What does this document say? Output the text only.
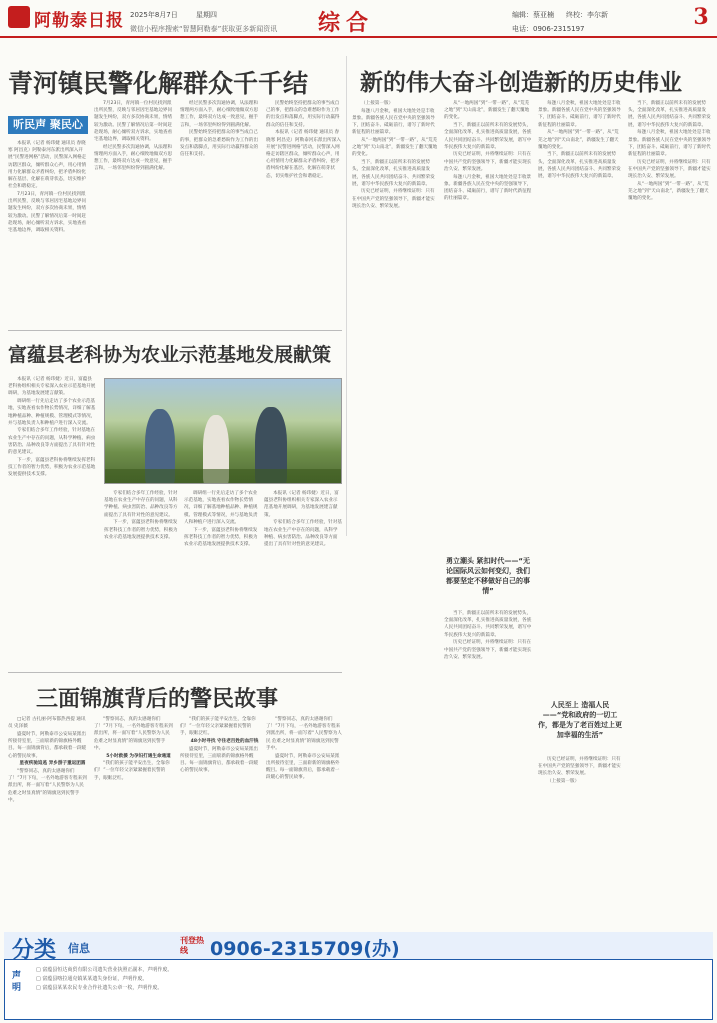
阿勒泰日报 2025年8月7日	星期四
微信小程序搜索“智慧阿勒泰”获取更多新闻资讯 综合	编辑：蔡亚楠 终校：李尔新
电话：0906-2315197	3
青河镇民警化解群众千千结
听民声 聚民心

本报讯（记者 杨玮婕 通讯员 春晓寒 阿昌克）阿勒泰河东派出所深入开展“民警进网格”活动，民警深入网格走访辖区群众，倾听群众心声，用心用情用力化解群众矛盾纠纷，把矛盾纠纷化解在基层、化解在萌芽状态，切实维护社会和谐稳定。

7月23日，青河镇一位村民找到派出所民警，反映与邻居因宅基地边界问题发生纠纷，双方多次协商未果，情绪较为激动。民警了解情况后第一时间赶赴现场，耐心倾听双方诉求，实地查看宅基地边界，调取相关资料。

7月23日，青河镇一位村民找到派出所民警，反映与邻居因宅基地边界问题发生纠纷，双方多次协商未果，情绪较为激动。民警了解情况后第一时间赶赴现场，耐心倾听双方诉求，实地查看宅基地边界，调取相关资料。

经过民警多次沟通协调，从法理和情理两方面入手，耐心细致地做双方思想工作，最终双方达成一致意见，握手言和，一场邻里纠纷得到圆满化解。

经过民警多次沟通协调，从法理和情理两方面入手，耐心细致地做双方思想工作，最终双方达成一致意见，握手言和，一场邻里纠纷得到圆满化解。

民警始终坚持把群众的事当成自己的事，把群众的急难愁盼作为工作的出发点和落脚点，用实际行动赢得群众的信任和支持。

民警始终坚持把群众的事当成自己的事，把群众的急难愁盼作为工作的出发点和落脚点，用实际行动赢得群众的信任和支持。

本报讯（记者 杨玮婕 通讯员 春晓寒 阿昌克）阿勒泰河东派出所深入开展“民警进网格”活动，民警深入网格走访辖区群众，倾听群众心声，用心用情用力化解群众矛盾纠纷，把矛盾纠纷化解在基层、化解在萌芽状态，切实维护社会和谐稳定。

富蕴县老科协为农业示范基地发展献策

本报讯（记者 杨玮婕）近日，富蕴县老科协组织相关专家深入农业示范基地开展调研，为基地发展建言献策。

调研组一行先后走访了多个农业示范基地，实地查看农作物长势情况，详细了解基地种植品种、种植规模、管理模式等情况，并与基地负责人和种植户进行深入交流。

专家们结合多年工作经验，针对基地在农业生产中存在的问题，从科学种植、病虫害防治、品种改良等方面提出了具有针对性的意见建议。

下一步，富蕴县老科协将继续发挥老科技工作者的智力优势，积极为农业示范基地发展提供技术支撑。

专家们结合多年工作经验，针对基地在农业生产中存在的问题，从科学种植、病虫害防治、品种改良等方面提出了具有针对性的意见建议。

下一步，富蕴县老科协将继续发挥老科技工作者的智力优势，积极为农业示范基地发展提供技术支撑。

调研组一行先后走访了多个农业示范基地，实地查看农作物长势情况，详细了解基地种植品种、种植规模、管理模式等情况，并与基地负责人和种植户进行深入交流。

下一步，富蕴县老科协将继续发挥老科技工作者的智力优势，积极为农业示范基地发展提供技术支撑。

本报讯（记者 杨玮婕）近日，富蕴县老科协组织相关专家深入农业示范基地开展调研，为基地发展建言献策。

专家们结合多年工作经验，针对基地在农业生产中存在的问题，从科学种植、病虫害防治、品种改良等方面提出了具有针对性的意见建议。

三面锦旗背后的警民故事

□记者 古扎丽·阿布都热西提 通讯员 史泽薇

盛夏时节，阿勒泰市公安局某派出所接待室里，三面崭新的锦旗格外醒目。每一面锦旗背后，都承载着一段暖心的警民故事。

星夜疾驰追逃 异乡游子重返团圆

“警察同志，真的太感谢你们了！”7月下旬，一名外地游客专程来到派出所，将一面写着“人民警察为人民 危难之时显真情”的锦旗送到民警手中。

“警察同志，真的太感谢你们了！”7月下旬，一名外地游客专程来到派出所，将一面写着“人民警察为人民 危难之时显真情”的锦旗送到民警手中。

5小时救援 为孕妇打通生命通道

“我们的孩子能平安出生，全靠你们！”一位年轻父亲紧紧握着民警的手，眼眶泛红。

“我们的孩子能平安出生，全靠你们！”一位年轻父亲紧紧握着民警的手，眼眶泛红。

48小时寻找 守住老百姓的血汗钱

盛夏时节，阿勒泰市公安局某派出所接待室里，三面崭新的锦旗格外醒目。每一面锦旗背后，都承载着一段暖心的警民故事。

“警察同志，真的太感谢你们了！”7月下旬，一名外地游客专程来到派出所，将一面写着“人民警察为人民 危难之时显真情”的锦旗送到民警手中。

盛夏时节，阿勒泰市公安局某派出所接待室里，三面崭新的锦旗格外醒目。每一面锦旗背后，都承载着一段暖心的警民故事。

新的伟大奋斗创造新的历史伟业

（上接第一版）

每逢八月金秋，祖国大地处处是丰收景象。新疆各族人民在党中央的坚强领导下，团结奋斗、砥砺前行，谱写了新时代新征程的壮丽篇章。

从“一地两国”到“一带一路”，从“荒芜之地”到“天山南北”，新疆发生了翻天覆地的变化。

当下，新疆正以前所未有的发展势头，全面深化改革，扎实推进高质量发展，各族人民共同团结奋斗、共同繁荣发展，谱写中华民族伟大复兴的新篇章。

历史已经证明，并将继续证明：只有在中国共产党的坚强领导下，新疆才能实现长治久安、繁荣发展。

勇立潮头 紧扣时代——“无论国际风云如何变幻，我们都要坚定不移做好自己的事情”

从“一地两国”到“一带一路”，从“荒芜之地”到“天山南北”，新疆发生了翻天覆地的变化。

当下，新疆正以前所未有的发展势头，全面深化改革，扎实推进高质量发展，各族人民共同团结奋斗、共同繁荣发展，谱写中华民族伟大复兴的新篇章。

历史已经证明，并将继续证明：只有在中国共产党的坚强领导下，新疆才能实现长治久安、繁荣发展。

每逢八月金秋，祖国大地处处是丰收景象。新疆各族人民在党中央的坚强领导下，团结奋斗、砥砺前行，谱写了新时代新征程的壮丽篇章。

当下，新疆正以前所未有的发展势头，全面深化改革，扎实推进高质量发展，各族人民共同团结奋斗、共同繁荣发展，谱写中华民族伟大复兴的新篇章。

历史已经证明，并将继续证明：只有在中国共产党的坚强领导下，新疆才能实现长治久安、繁荣发展。

每逢八月金秋，祖国大地处处是丰收景象。新疆各族人民在党中央的坚强领导下，团结奋斗、砥砺前行，谱写了新时代新征程的壮丽篇章。

从“一地两国”到“一带一路”，从“荒芜之地”到“天山南北”，新疆发生了翻天覆地的变化。

当下，新疆正以前所未有的发展势头，全面深化改革，扎实推进高质量发展，各族人民共同团结奋斗、共同繁荣发展，谱写中华民族伟大复兴的新篇章。

人民至上 造福人民——“党和政府的一切工作，都是为了老百姓过上更加幸福的生活”

历史已经证明，并将继续证明：只有在中国共产党的坚强领导下，新疆才能实现长治久安、繁荣发展。

（上接第一版）

当下，新疆正以前所未有的发展势头，全面深化改革，扎实推进高质量发展，各族人民共同团结奋斗、共同繁荣发展，谱写中华民族伟大复兴的新篇章。

每逢八月金秋，祖国大地处处是丰收景象。新疆各族人民在党中央的坚强领导下，团结奋斗、砥砺前行，谱写了新时代新征程的壮丽篇章。

历史已经证明，并将继续证明：只有在中国共产党的坚强领导下，新疆才能实现长治久安、繁荣发展。

从“一地两国”到“一带一路”，从“荒芜之地”到“天山南北”，新疆发生了翻天覆地的变化。

分类 信息
刊登热线	0906-2315709(办)
声明
□ 富蕴县恒达商贸有限公司遗失营业执照正副本，声明作废。
□ 富蕴县喀拉通克镇某某遗失身份证，声明作废。
□ 富蕴县某某农民专业合作社遗失公章一枚，声明作废。
